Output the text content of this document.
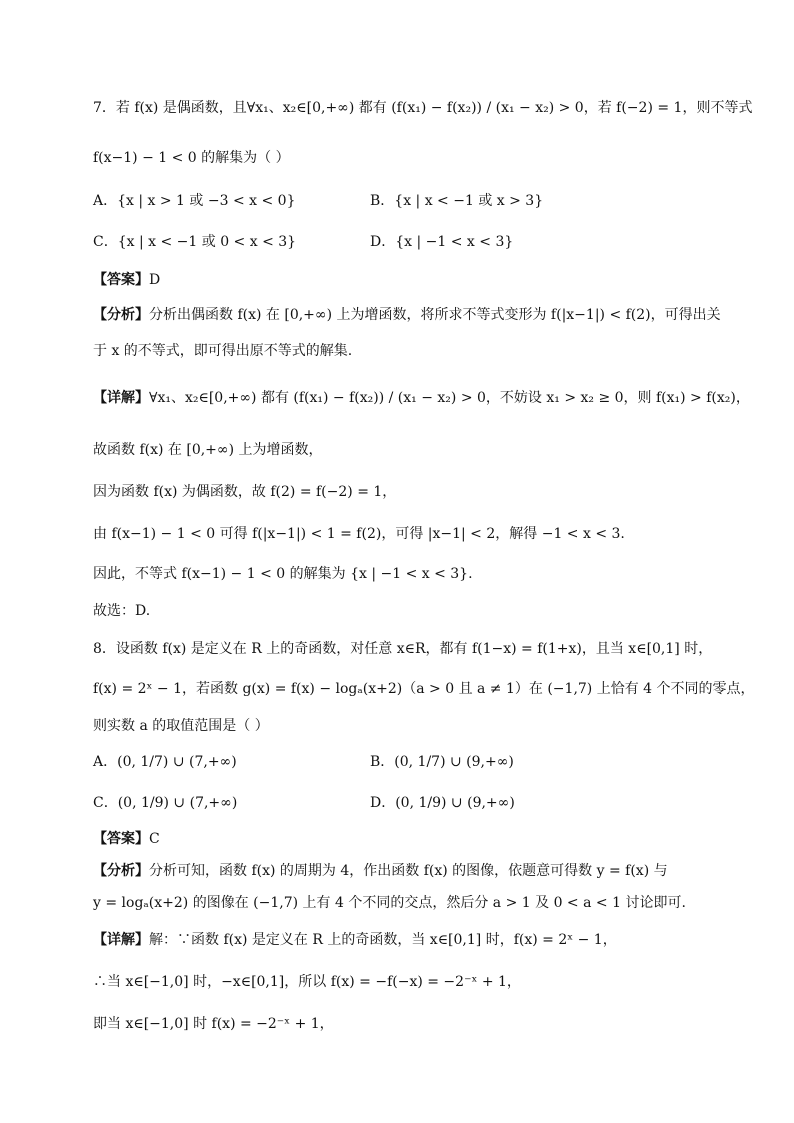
7．若 f(x) 是偶函数，且∀x₁、x₂∈[0,+∞) 都有 (f(x₁) − f(x₂)) / (x₁ − x₂) > 0，若 f(−2) = 1，则不等式
f(x−1) − 1 < 0 的解集为（ ）
A．{x | x > 1 或 −3 < x < 0}	B．{x | x < −1 或 x > 3}
C．{x | x < −1 或 0 < x < 3}	D．{x | −1 < x < 3}
【答案】D
【分析】分析出偶函数 f(x) 在 [0,+∞) 上为增函数，将所求不等式变形为 f(|x−1|) < f(2)，可得出关
于 x 的不等式，即可得出原不等式的解集.
【详解】∀x₁、x₂∈[0,+∞) 都有 (f(x₁) − f(x₂)) / (x₁ − x₂) > 0，不妨设 x₁ > x₂ ≥ 0，则 f(x₁) > f(x₂)，
故函数 f(x) 在 [0,+∞) 上为增函数，
因为函数 f(x) 为偶函数，故 f(2) = f(−2) = 1，
由 f(x−1) − 1 < 0 可得 f(|x−1|) < 1 = f(2)，可得 |x−1| < 2，解得 −1 < x < 3.
因此，不等式 f(x−1) − 1 < 0 的解集为 {x | −1 < x < 3}.
故选：D.
8．设函数 f(x) 是定义在 R 上的奇函数，对任意 x∈R，都有 f(1−x) = f(1+x)，且当 x∈[0,1] 时，
f(x) = 2ˣ − 1，若函数 g(x) = f(x) − logₐ(x+2)（a > 0 且 a ≠ 1）在 (−1,7) 上恰有 4 个不同的零点，
则实数 a 的取值范围是（ ）
A．(0, 1/7) ∪ (7,+∞)	B．(0, 1/7) ∪ (9,+∞)
C．(0, 1/9) ∪ (7,+∞)	D．(0, 1/9) ∪ (9,+∞)
【答案】C
【分析】分析可知，函数 f(x) 的周期为 4，作出函数 f(x) 的图像，依题意可得数 y = f(x) 与
y = logₐ(x+2) 的图像在 (−1,7) 上有 4 个不同的交点，然后分 a > 1 及 0 < a < 1 讨论即可.
【详解】解：∵函数 f(x) 是定义在 R 上的奇函数，当 x∈[0,1] 时，f(x) = 2ˣ − 1，
∴当 x∈[−1,0] 时，−x∈[0,1]，所以 f(x) = −f(−x) = −2⁻ˣ + 1，
即当 x∈[−1,0] 时 f(x) = −2⁻ˣ + 1，
